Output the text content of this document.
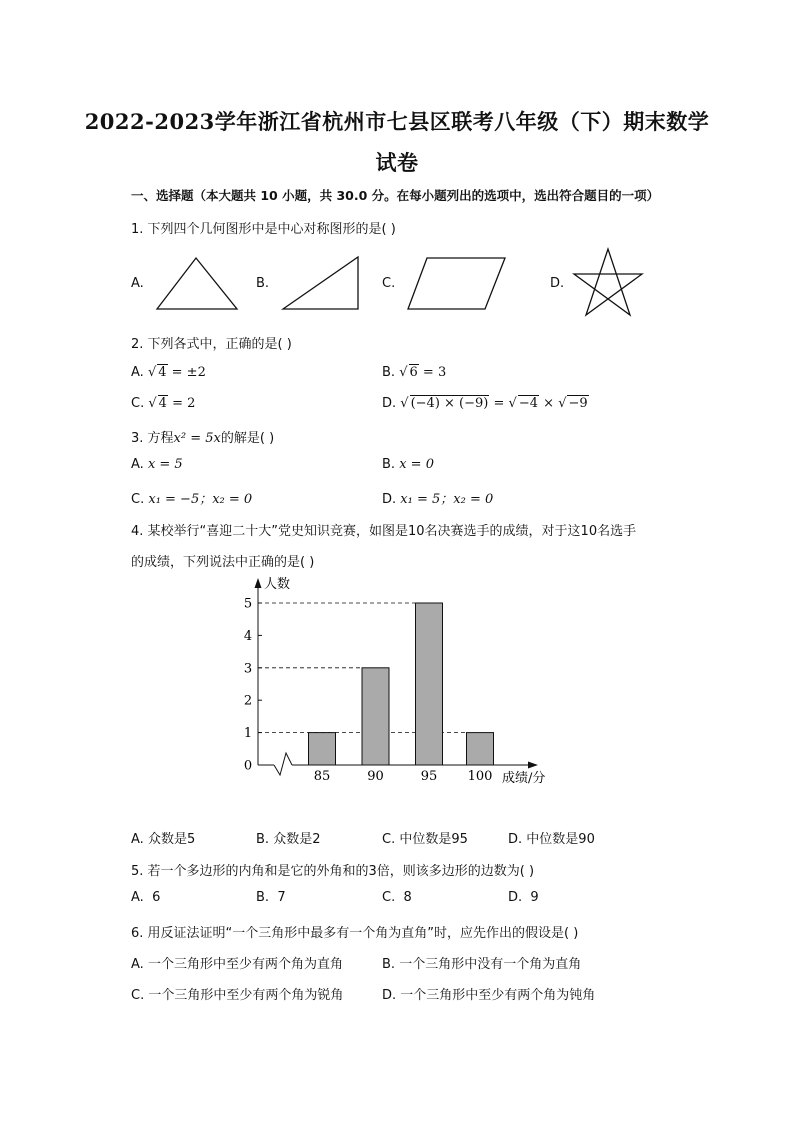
2022-2023学年浙江省杭州市七县区联考八年级（下）期末数学
试卷
一、选择题（本大题共 10 小题，共 30.0 分。在每小题列出的选项中，选出符合题目的一项）
1. 下列四个几何图形中是中心对称图形的是( )
A.	B.	C.	D.
2. 下列各式中，正确的是( )
A. √ 4 = ±2	B. √ 6 = 3
C. √ 4 = 2	D. √ (−4) × (−9) = √ −4 × √ −9
3. 方程x² = 5x的解是( )
A. x = 5	B. x = 0
C. x₁ = −5；x₂ = 0	D. x₁ = 5；x₂ = 0
4. 某校举行“喜迎二十大”党史知识竞赛，如图是10名决赛选手的成绩，对于这10名选手
的成绩，下列说法中正确的是( )
人数
成绩/分
0
1
2
3
4
5
85	90	95 100
A. 众数是5	B. 众数是2	C. 中位数是95	D. 中位数是90
5. 若一个多边形的内角和是它的外角和的3倍，则该多边形的边数为( )
A. 6	B. 7	C. 8	D. 9
6. 用反证法证明“一个三角形中最多有一个角为直角”时，应先作出的假设是( )
A. 一个三角形中至少有两个角为直角	B. 一个三角形中没有一个角为直角
C. 一个三角形中至少有两个角为锐角	D. 一个三角形中至少有两个角为钝角
